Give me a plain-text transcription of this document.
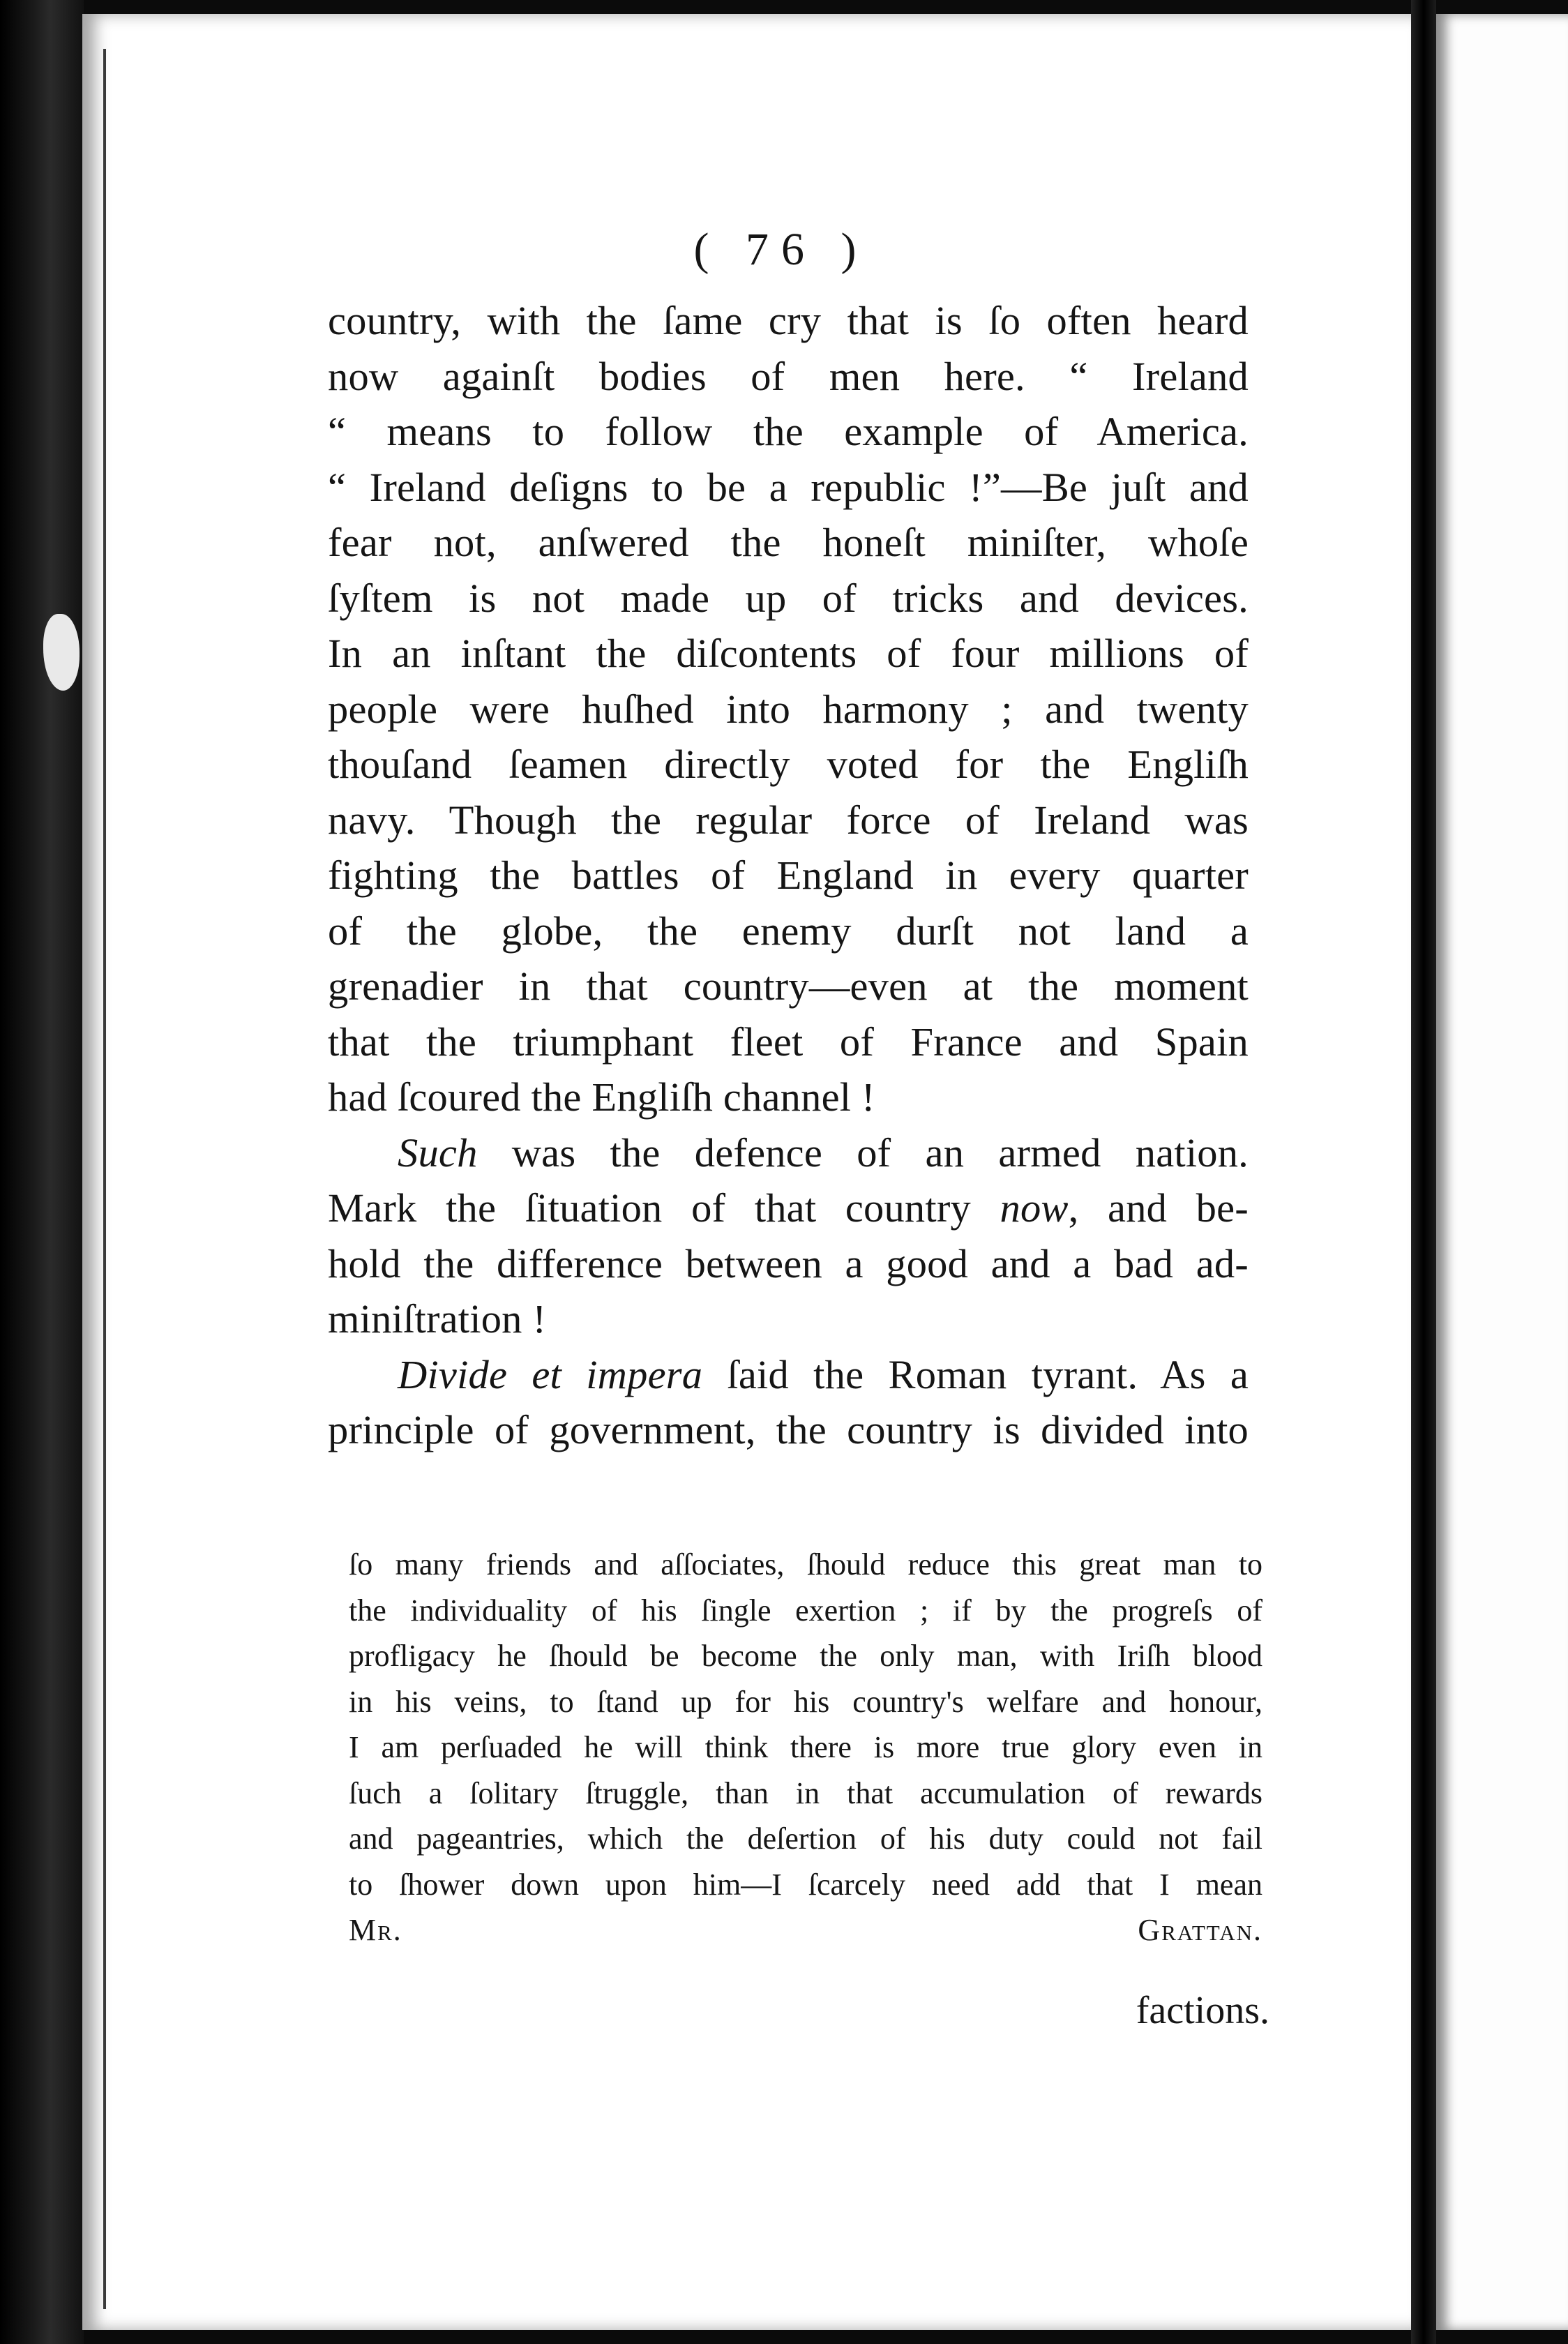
( 76 )
country, with the ſame cry that is ſo often heard
now againſt bodies of men here. “ Ireland
“ means to follow the example of America.
“ Ireland deſigns to be a republic !”—Be juſt and
fear not, anſwered the honeſt miniſter, whoſe
ſyſtem is not made up of tricks and devices.
In an inſtant the diſcontents of four millions of
people were huſhed into harmony ; and twenty
thouſand ſeamen directly voted for the Engliſh
navy. Though the regular force of Ireland was
fighting the battles of England in every quarter
of the globe, the enemy durſt not land a
grenadier in that country—even at the moment
that the triumphant fleet of France and Spain
had ſcoured the Engliſh channel !
Such was the defence of an armed nation.
Mark the ſituation of that country now, and be-
hold the difference between a good and a bad ad-
miniſtration !
Divide et impera ſaid the Roman tyrant. As a
principle of government, the country is divided into
ſo many friends and aſſociates, ſhould reduce this great man to
the individuality of his ſingle exertion ; if by the progreſs of
profligacy he ſhould be become the only man, with Iriſh blood
in his veins, to ſtand up for his country's welfare and honour,
I am perſuaded he will think there is more true glory even in
ſuch a ſolitary ſtruggle, than in that accumulation of rewards
and pageantries, which the deſertion of his duty could not fail
to ſhower down upon him—I ſcarcely need add that I mean
Mr. Grattan.
factions.
